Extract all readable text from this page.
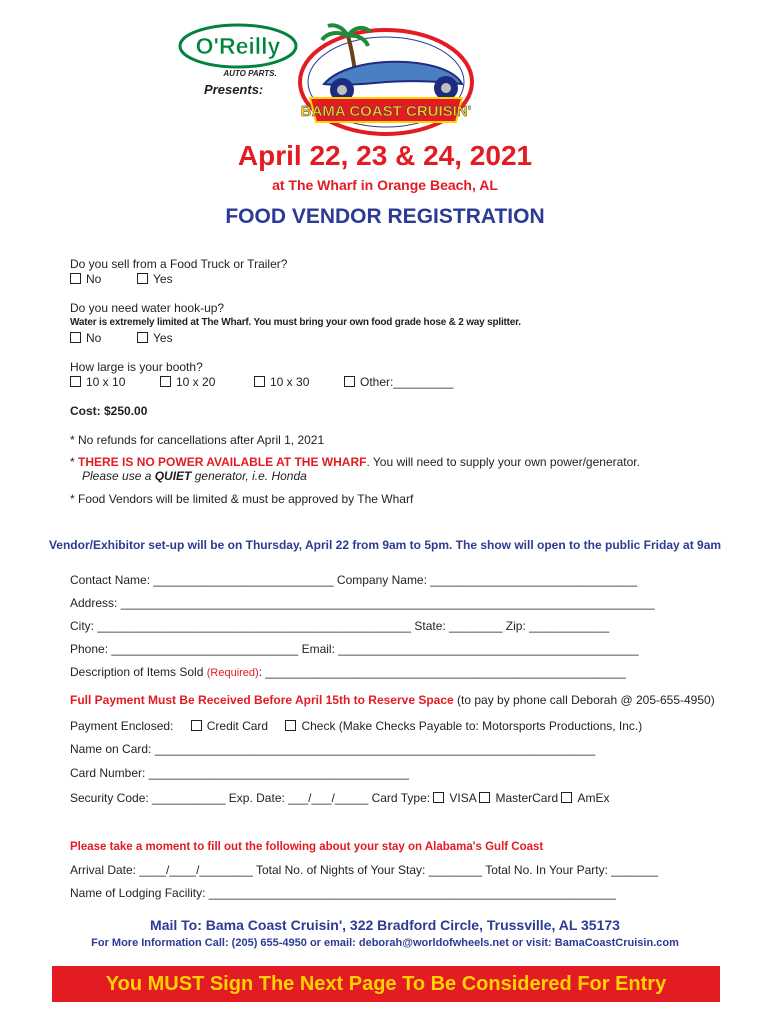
O'Reilly
AUTO PARTS.
Presents:
BAMA COAST CRUISIN'
April 22, 23 & 24, 2021
at The Wharf in Orange Beach, AL
FOOD VENDOR REGISTRATION
Do you sell from a Food Truck or Trailer?
No	Yes
Do you need water hook-up?
Water is extremely limited at The Wharf. You must bring your own food grade hose & 2 way splitter.
No	Yes
How large is your booth?
10 x 10	10 x 20	10 x 30	Other:_________
Cost: $250.00
* No refunds for cancellations after April 1, 2021
* THERE IS NO POWER AVAILABLE AT THE WHARF. You will need to supply your own power/generator.
Please use a QUIET generator, i.e. Honda
* Food Vendors will be limited & must be approved by The Wharf
Vendor/Exhibitor set-up will be on Thursday, April 22 from 9am to 5pm. The show will open to the public Friday at 9am
Contact Name: ___________________________ Company Name: _______________________________
Address: ________________________________________________________________________________
City: _______________________________________________ State: ________ Zip: ____________
Phone: ____________________________ Email: _____________________________________________
Description of Items Sold (Required): ______________________________________________________
Full Payment Must Be Received Before April 15th to Reserve Space (to pay by phone call Deborah @ 205-655-4950)
Payment Enclosed:	Credit Card	Check (Make Checks Payable to: Motorsports Productions, Inc.)
Name on Card: __________________________________________________________________
Card Number: _______________________________________
Security Code: ___________ Exp. Date: ___/___/_____ Card Type: VISA MasterCard AmEx
Please take a moment to fill out the following about your stay on Alabama's Gulf Coast
Arrival Date: ____/____/________ Total No. of Nights of Your Stay: ________ Total No. In Your Party: _______
Name of Lodging Facility: _____________________________________________________________
Mail To: Bama Coast Cruisin', 322 Bradford Circle, Trussville, AL 35173
For More Information Call: (205) 655-4950 or email: deborah@worldofwheels.net or visit: BamaCoastCruisin.com
You MUST Sign The Next Page To Be Considered For Entry
